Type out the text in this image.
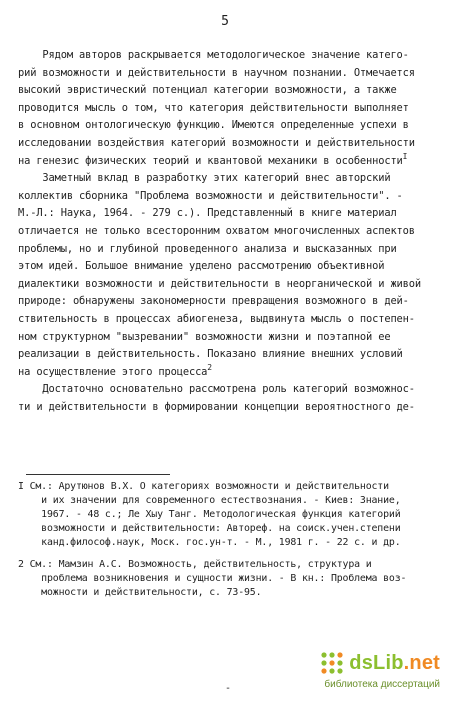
5
Рядом авторов раскрывается методологическое значение катего-
рий возможности и действительности в научном познании. Отмечается
высокий эвристический потенциал категории возможности, а также
проводится мысль о том, что категория действительности выполняет
в основном онтологическую функцию. Имеются определенные успехи в
исследовании воздействия категорий возможности и действительности
на генезис физических теорий и квантовой механики в особенности$^I$
Заметный вклад в разработку этих категорий внес авторский
коллектив сборника "Проблема возможности и действительности". -
М.-Л.: Наука, 1964. - 279 с.). Представленный в книге материал
отличается не только всесторонним охватом многочисленных аспектов
проблемы, но и глубиной проведенного анализа и высказанных при
этом идей. Большое внимание уделено рассмотрению объективной
диалектики возможности и действительности в неорганической и живой
природе: обнаружены закономерности превращения возможного в дей-
ствительность в процессах абиогенеза, выдвинута мысль о постепен-
ном структурном "вызревании" возможности жизни и поэтапной ее
реализации в действительность. Показано влияние внешних условий
на осуществление этого процесса$^2$
Достаточно основательно рассмотрена роль категорий возможнос-
ти и действительности в формировании концепции вероятностного де-
I См.: Арутюнов В.Х. О категориях возможности и действительности
и их значении для современного естествознания. - Киев: Знание,
1967. - 48 с.; Ле Хыу Танг. Методологическая функция категорий
возможности и действительности: Автореф. на соиск.учен.степени
канд.философ.наук, Моск. гос.ун-т. - М., 1981 г. - 22 с. и др.
2 См.: Мамзин А.С. Возможность, действительность, структура и
проблема возникновения и сущности жизни. - В кн.: Проблема воз-
можности и действительности, с. 73-95.
-
dsLib.net
библиотека диссертаций
